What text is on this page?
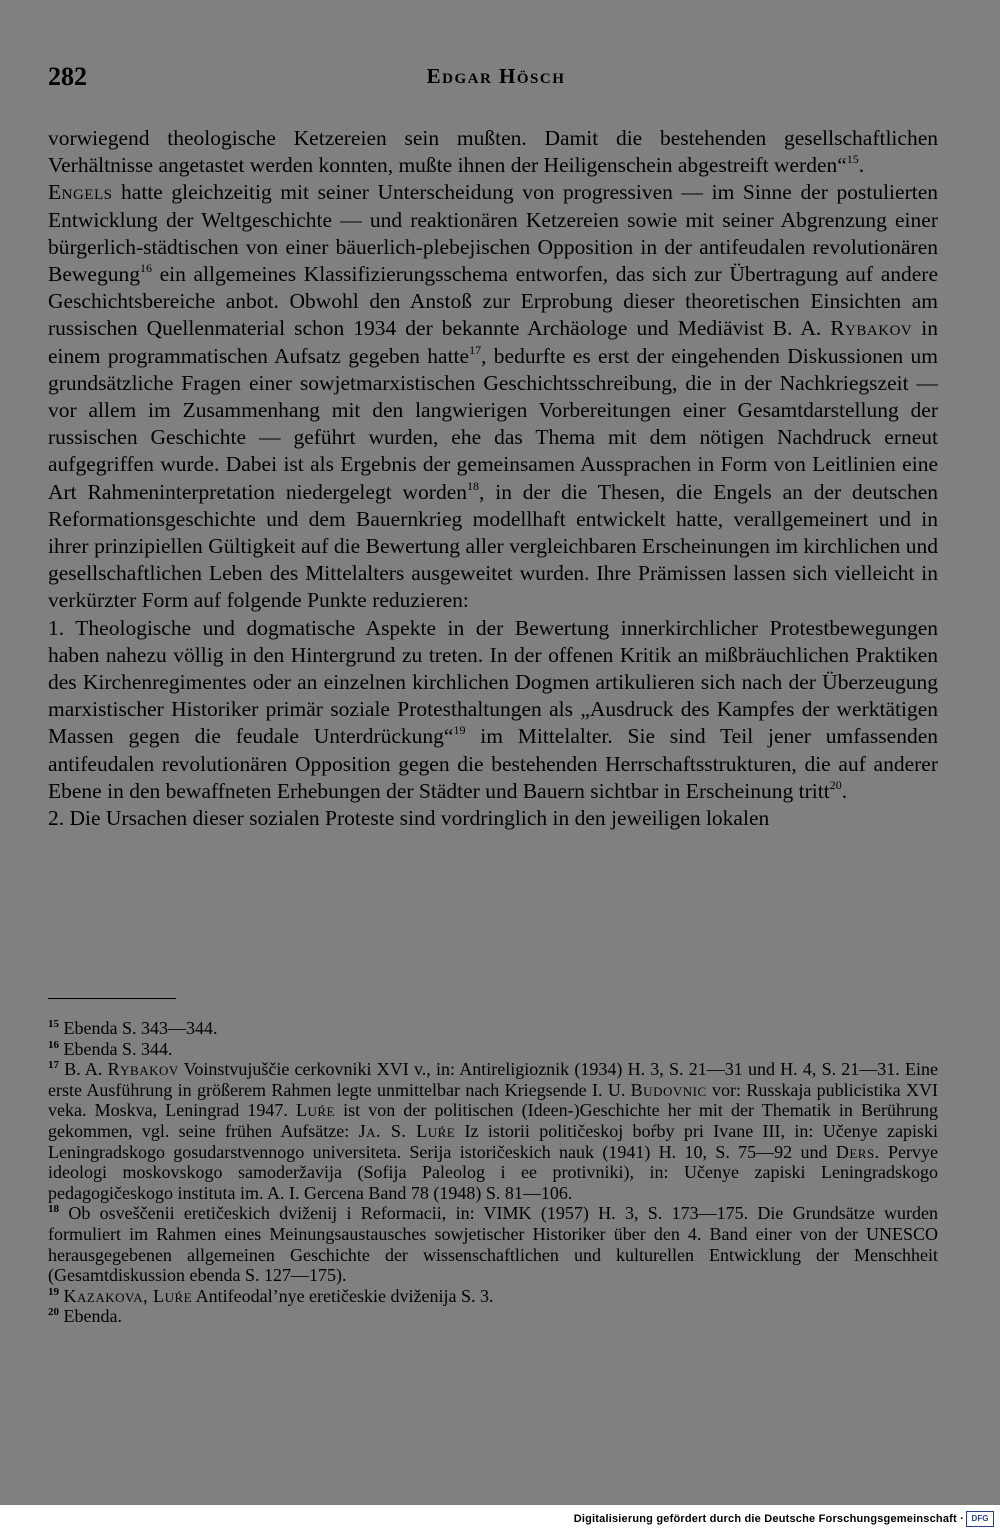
282	Edgar Hösch

vorwiegend theologische Ketzereien sein mußten. Damit die bestehenden gesellschaftlichen Verhältnisse angetastet werden konnten, mußte ihnen der Heiligenschein abgestreift werden“$^{15}$.

Engels hatte gleichzeitig mit seiner Unterscheidung von progressiven — im Sinne der postulierten Entwicklung der Weltgeschichte — und reaktionären Ketzereien sowie mit seiner Abgrenzung einer bürgerlich-städtischen von einer bäuerlich-plebejischen Opposition in der antifeudalen revolutionären Bewegung$^{16}$ ein allgemeines Klassifizierungsschema entworfen, das sich zur Übertragung auf andere Geschichtsbereiche anbot. Obwohl den Anstoß zur Erprobung dieser theoretischen Einsichten am russischen Quellenmaterial schon 1934 der bekannte Archäologe und Mediävist B. A. Rybakov in einem programmatischen Aufsatz gegeben hatte$^{17}$, bedurfte es erst der eingehenden Diskussionen um grundsätzliche Fragen einer sowjetmarxistischen Geschichtsschreibung, die in der Nachkriegszeit — vor allem im Zusammenhang mit den langwierigen Vorbereitungen einer Gesamtdarstellung der russischen Geschichte — geführt wurden, ehe das Thema mit dem nötigen Nachdruck erneut aufgegriffen wurde. Dabei ist als Ergebnis der gemeinsamen Aussprachen in Form von Leitlinien eine Art Rahmeninterpretation niedergelegt worden$^{18}$, in der die Thesen, die Engels an der deutschen Reformationsgeschichte und dem Bauernkrieg modellhaft entwickelt hatte, verallgemeinert und in ihrer prinzipiellen Gültigkeit auf die Bewertung aller vergleichbaren Erscheinungen im kirchlichen und gesellschaftlichen Leben des Mittelalters ausgeweitet wurden. Ihre Prämissen lassen sich vielleicht in verkürzter Form auf folgende Punkte reduzieren:

1. Theologische und dogmatische Aspekte in der Bewertung innerkirchlicher Protestbewegungen haben nahezu völlig in den Hintergrund zu treten. In der offenen Kritik an mißbräuchlichen Praktiken des Kirchenregimentes oder an einzelnen kirchlichen Dogmen artikulieren sich nach der Überzeugung marxistischer Historiker primär soziale Protesthaltungen als „Ausdruck des Kampfes der werktätigen Massen gegen die feudale Unterdrückung“$^{19}$ im Mittelalter. Sie sind Teil jener umfassenden antifeudalen revolutionären Opposition gegen die bestehenden Herrschaftsstrukturen, die auf anderer Ebene in den bewaffneten Erhebungen der Städter und Bauern sichtbar in Erscheinung tritt$^{20}$.

2. Die Ursachen dieser sozialen Proteste sind vordringlich in den jeweiligen lokalen

$^{15}$ Ebenda S. 343—344.

$^{16}$ Ebenda S. 344.

$^{17}$ B. A. Rybakov Voinstvujuščie cerkovniki XVI v., in: Antireligioznik (1934) H. 3, S. 21—31 und H. 4, S. 21—31. Eine erste Ausführung in größerem Rahmen legte unmittelbar nach Kriegsende I. U. Budovnic vor: Russkaja publicistika XVI veka. Moskva, Leningrad 1947. Luŕe ist von der politischen (Ideen-)Geschichte her mit der Thematik in Berührung gekommen, vgl. seine frühen Aufsätze: Ja. S. Luŕe Iz istorii političeskoj boŕby pri Ivane III, in: Učenye zapiski Leningradskogo gosudarstvennogo universiteta. Serija istoričeskich nauk (1941) H. 10, S. 75—92 und Ders. Pervye ideologi moskovskogo samoderžavija (Sofija Paleolog i ee protivniki), in: Učenye zapiski Leningradskogo pedagogičeskogo instituta im. A. I. Gercena Band 78 (1948) S. 81—106.

$^{18}$ Ob osveščenii eretičeskich dviženij i Reformacii, in: VIMK (1957) H. 3, S. 173—175. Die Grundsätze wurden formuliert im Rahmen eines Meinungsaustausches sowjetischer Historiker über den 4. Band einer von der UNESCO herausgegebenen allgemeinen Geschichte der wissenschaftlichen und kulturellen Entwicklung der Menschheit (Gesamtdiskussion ebenda S. 127—175).

$^{19}$ Kazakova, Luŕe Antifeodal’nye eretičeskie dviženija S. 3.

$^{20}$ Ebenda.

Digitalisierung gefördert durch die Deutsche Forschungsgemeinschaft · DFG
